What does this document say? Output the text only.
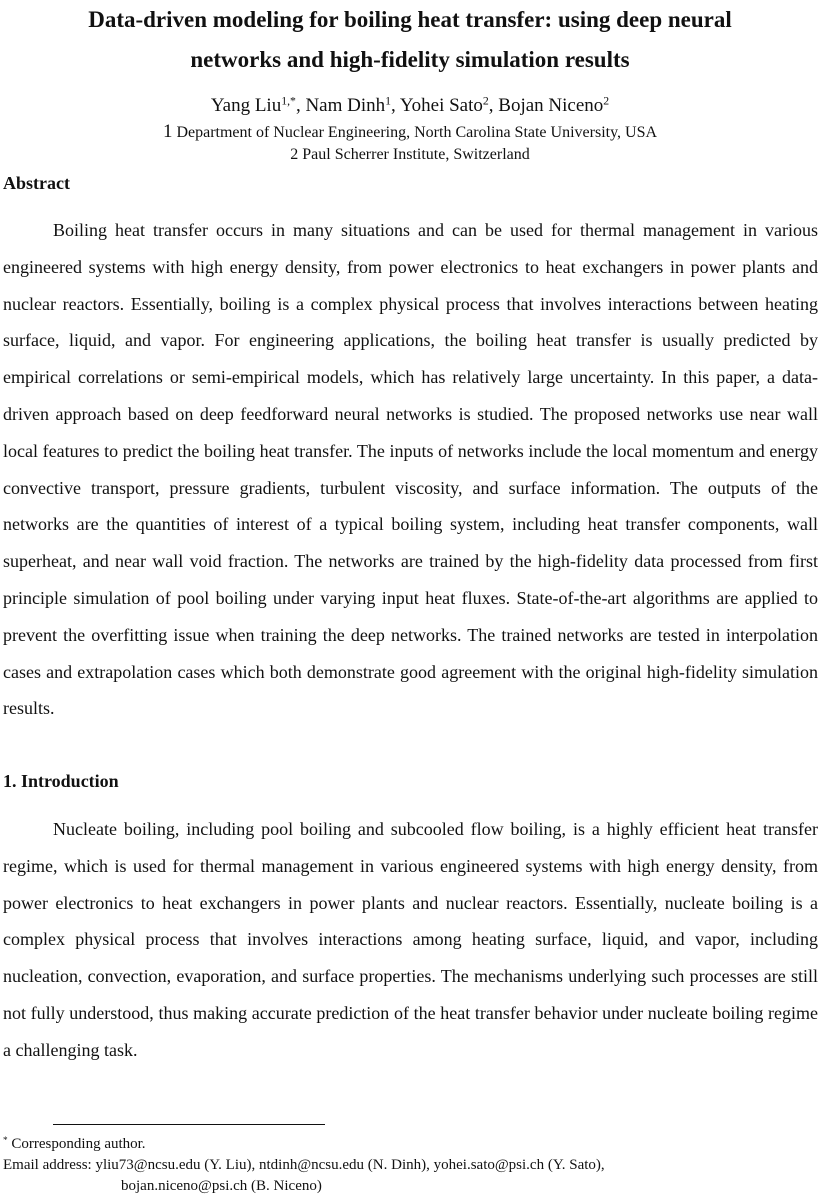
Data-driven modeling for boiling heat transfer: using deep neural
networks and high-fidelity simulation results
Yang Liu$^{1,*}$, Nam Dinh$^1$, Yohei Sato$^2$, Bojan Niceno$^2$
1 Department of Nuclear Engineering, North Carolina State University, USA
2 Paul Scherrer Institute, Switzerland
Abstract

Boiling heat transfer occurs in many situations and can be used for thermal management in various engineered systems with high energy density, from power electronics to heat exchangers in power plants and nuclear reactors. Essentially, boiling is a complex physical process that involves interactions between heating surface, liquid, and vapor. For engineering applications, the boiling heat transfer is usually predicted by empirical correlations or semi-empirical models, which has relatively large uncertainty. In this paper, a data-driven approach based on deep feedforward neural networks is studied. The proposed networks use near wall local features to predict the boiling heat transfer. The inputs of networks include the local momentum and energy convective transport, pressure gradients, turbulent viscosity, and surface information. The outputs of the networks are the quantities of interest of a typical boiling system, including heat transfer components, wall superheat, and near wall void fraction. The networks are trained by the high-fidelity data processed from first principle simulation of pool boiling under varying input heat fluxes. State-of-the-art algorithms are applied to prevent the overfitting issue when training the deep networks. The trained networks are tested in interpolation cases and extrapolation cases which both demonstrate good agreement with the original high-fidelity simulation results.

1. Introduction

Nucleate boiling, including pool boiling and subcooled flow boiling, is a highly efficient heat transfer regime, which is used for thermal management in various engineered systems with high energy density, from power electronics to heat exchangers in power plants and nuclear reactors. Essentially, nucleate boiling is a complex physical process that involves interactions among heating surface, liquid, and vapor, including nucleation, convection, evaporation, and surface properties. The mechanisms underlying such processes are still not fully understood, thus making accurate prediction of the heat transfer behavior under nucleate boiling regime a challenging task.

* Corresponding author.
Email address: yliu73@ncsu.edu (Y. Liu), ntdinh@ncsu.edu (N. Dinh), yohei.sato@psi.ch (Y. Sato),
bojan.niceno@psi.ch (B. Niceno)
